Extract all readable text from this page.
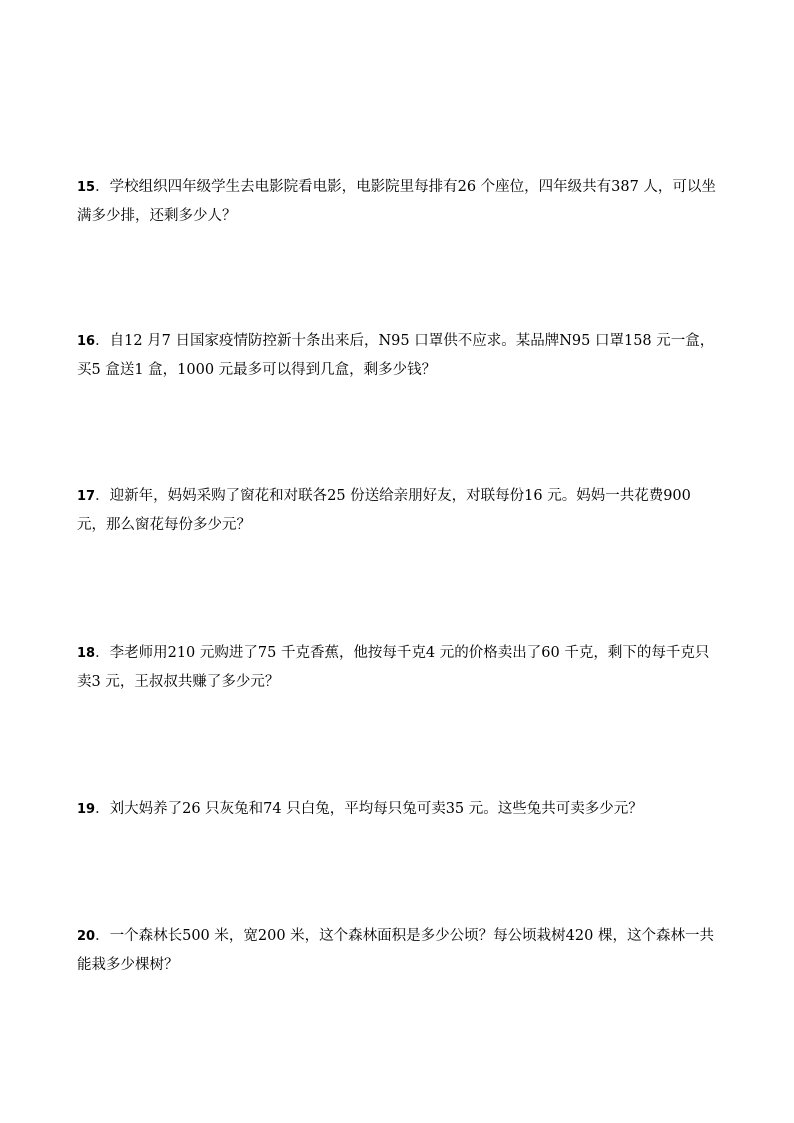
15．学校组织四年级学生去电影院看电影，电影院里每排有26 个座位，四年级共有387 人，可以坐
满多少排，还剩多少人？
16．自12 月7 日国家疫情防控新十条出来后，N95 口罩供不应求。某品牌N95 口罩158 元一盒，
买5 盒送1 盒，1000 元最多可以得到几盒，剩多少钱？
17．迎新年，妈妈采购了窗花和对联各25 份送给亲朋好友，对联每份16 元。妈妈一共花费900
元，那么窗花每份多少元？
18．李老师用210 元购进了75 千克香蕉，他按每千克4 元的价格卖出了60 千克，剩下的每千克只
卖3 元，王叔叔共赚了多少元？
19．刘大妈养了26 只灰兔和74 只白兔，平均每只兔可卖35 元。这些兔共可卖多少元？
20．一个森林长500 米，宽200 米，这个森林面积是多少公顷？每公顷栽树420 棵，这个森林一共
能栽多少棵树？
